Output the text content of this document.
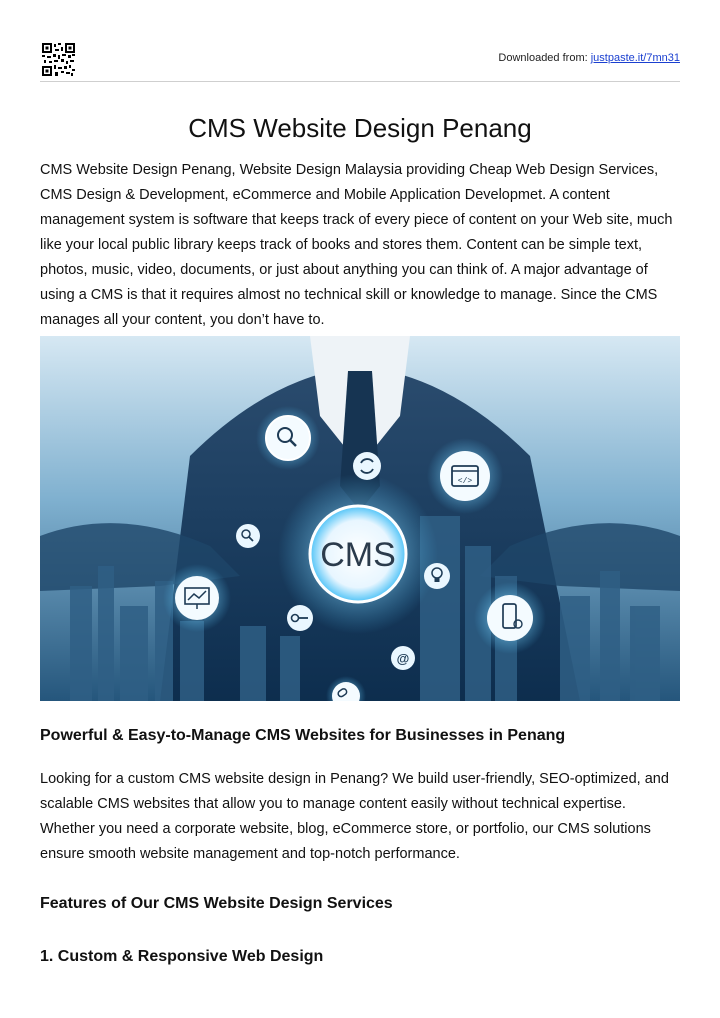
Downloaded from: justpaste.it/7mn31
CMS Website Design Penang

CMS Website Design Penang, Website Design Malaysia providing Cheap Web Design Services, CMS Design & Development, eCommerce and Mobile Application Developmet. A content management system is software that keeps track of every piece of content on your Web site, much like your local public library keeps track of books and stores them. Content can be simple text, photos, music, video, documents, or just about anything you can think of. A major advantage of using a CMS is that it requires almost no technical skill or knowledge to manage. Since the CMS manages all your content, you don’t have to.

CMS
</>
@
Powerful & Easy-to-Manage CMS Websites for Businesses in Penang

Looking for a custom CMS website design in Penang? We build user-friendly, SEO-optimized, and scalable CMS websites that allow you to manage content easily without technical expertise. Whether you need a corporate website, blog, eCommerce store, or portfolio, our CMS solutions ensure smooth website management and top-notch performance.

Features of Our CMS Website Design Services
1. Custom & Responsive Web Design
